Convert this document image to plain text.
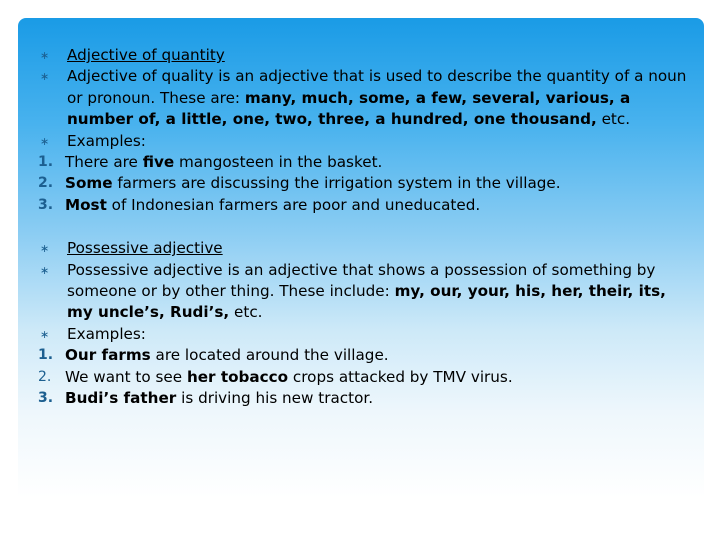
∗	Adjective of quantity
∗	Adjective of quality is an adjective that is used to describe the quantity of a noun or pronoun. These are: many, much, some, a few, several, various, a number of, a little, one, two, three, a hundred, one thousand, etc.
∗	Examples:
1. There are five mangosteen in the basket.
2. Some farmers are discussing the irrigation system in the village.
3. Most of Indonesian farmers are poor and uneducated.
∗	Possessive adjective
∗	Possessive adjective is an adjective that shows a possession of something by someone or by other thing. These include: my, our, your, his, her, their, its, my uncle’s, Rudi’s, etc.
∗	Examples:
1. Our farms are located around the village.
2. We want to see her tobacco crops attacked by TMV virus.
3. Budi’s father is driving his new tractor.
